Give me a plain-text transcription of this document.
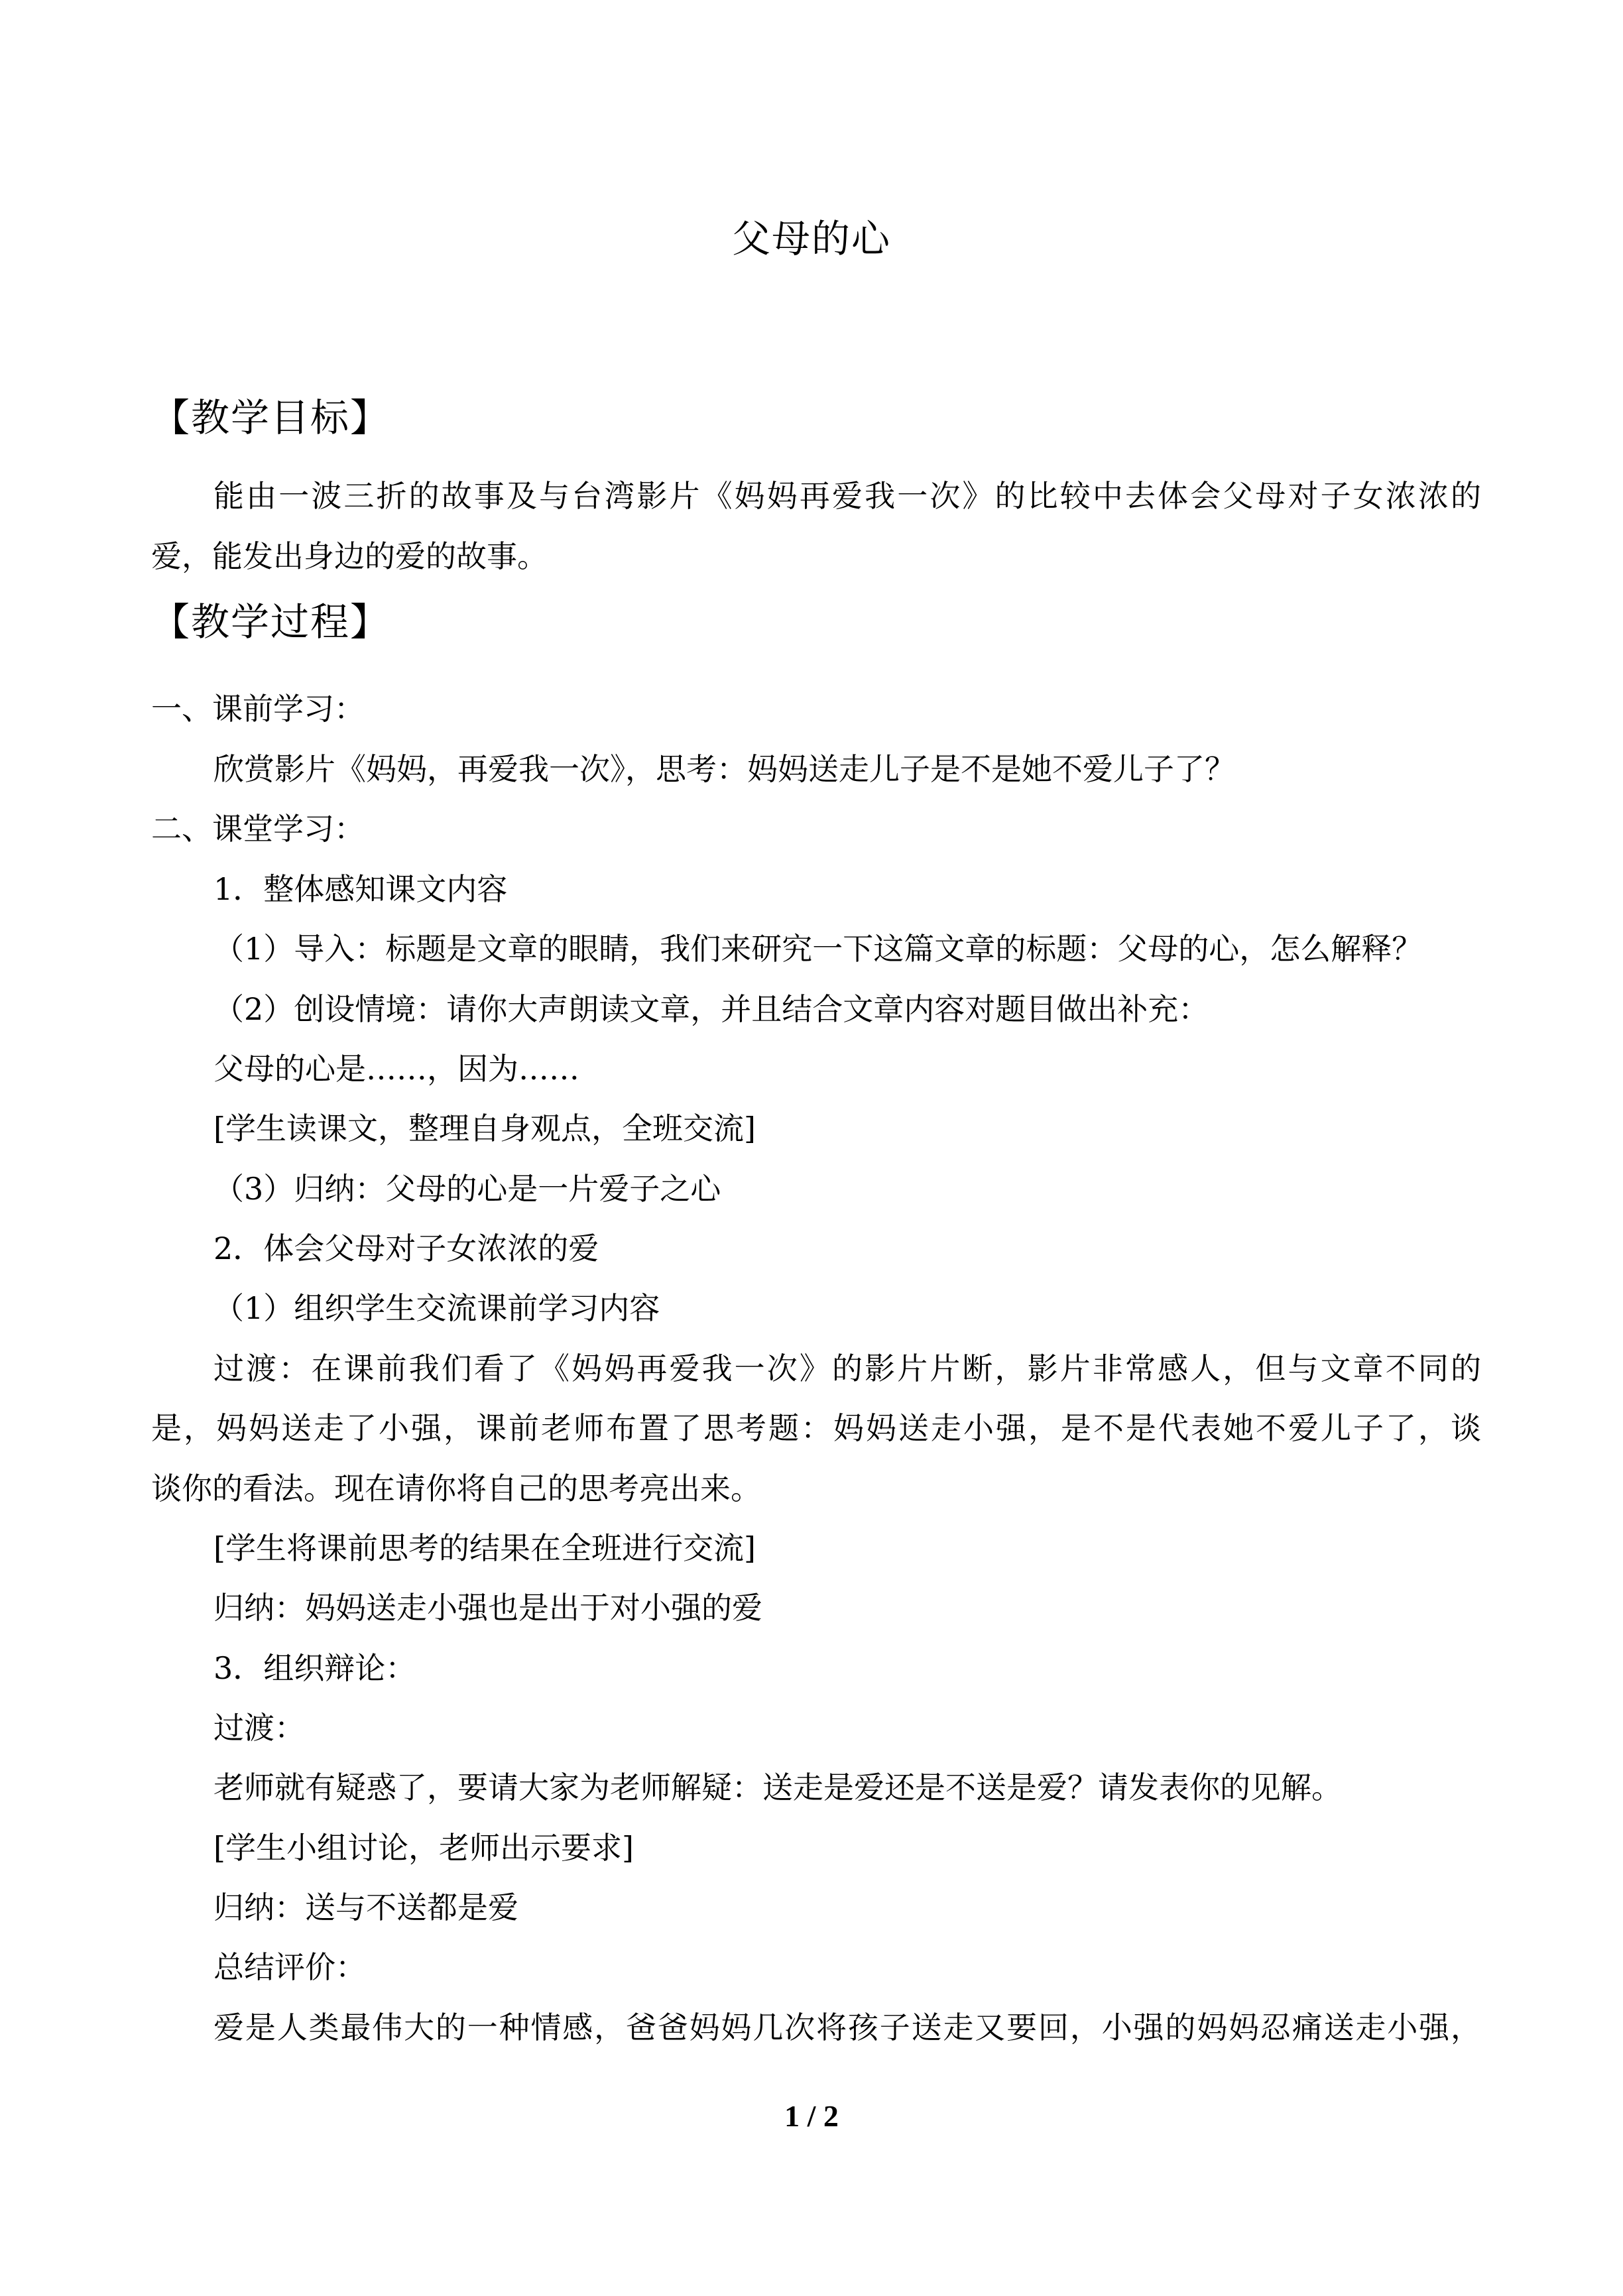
父母的心
【教学目标】
能由一波三折的故事及与台湾影片《妈妈再爱我一次》的比较中去体会父母对子女浓浓的
爱，能发出身边的爱的故事。
【教学过程】
一、课前学习：
欣赏影片《妈妈，再爱我一次》，思考：妈妈送走儿子是不是她不爱儿子了？
二、课堂学习：
1．整体感知课文内容
（1）导入：标题是文章的眼睛，我们来研究一下这篇文章的标题：父母的心，怎么解释？
（2）创设情境：请你大声朗读文章，并且结合文章内容对题目做出补充：
父母的心是……，因为……
[学生读课文，整理自身观点，全班交流]
（3）归纳：父母的心是一片爱子之心
2．体会父母对子女浓浓的爱
（1）组织学生交流课前学习内容
过渡：在课前我们看了《妈妈再爱我一次》的影片片断，影片非常感人，但与文章不同的
是，妈妈送走了小强，课前老师布置了思考题：妈妈送走小强，是不是代表她不爱儿子了，谈
谈你的看法。现在请你将自己的思考亮出来。
[学生将课前思考的结果在全班进行交流]
归纳：妈妈送走小强也是出于对小强的爱
3．组织辩论：
过渡：
老师就有疑惑了，要请大家为老师解疑：送走是爱还是不送是爱？请发表你的见解。
[学生小组讨论，老师出示要求]
归纳：送与不送都是爱
总结评价：
爱是人类最伟大的一种情感，爸爸妈妈几次将孩子送走又要回，小强的妈妈忍痛送走小强，
1 / 2
